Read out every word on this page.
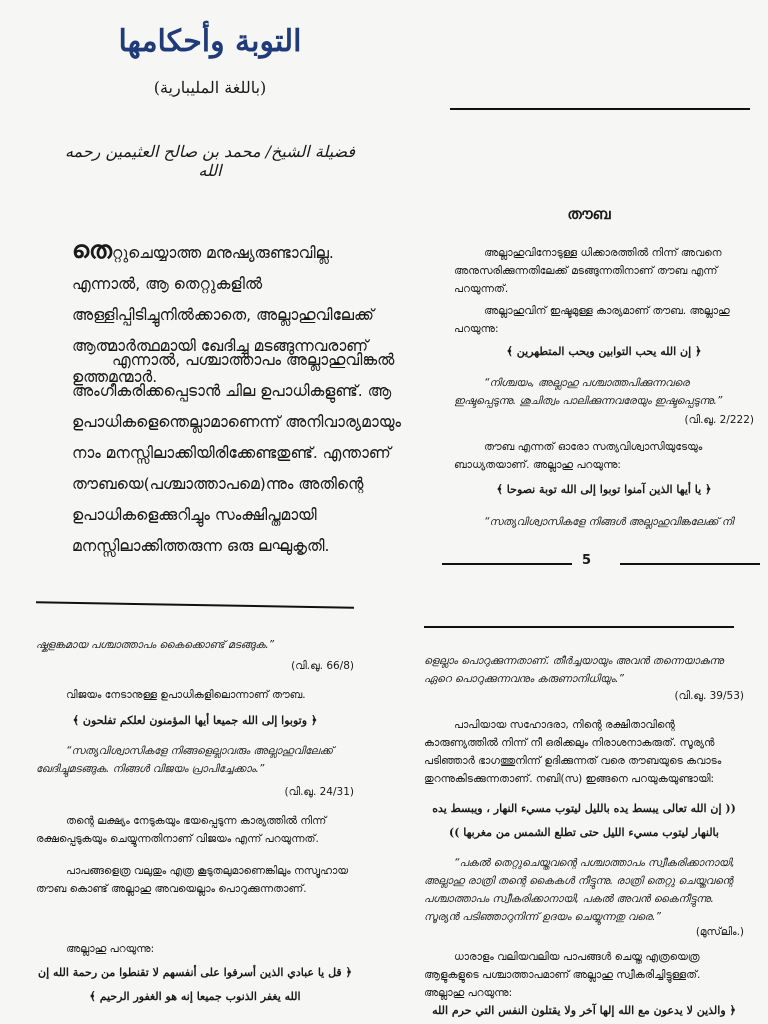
التوبة وأحكامها
(باللغة المليبارية)
فضيلة الشيخ/ محمد بن صالح العثيمين رحمه الله

തെറ്റുചെയ്യാത്ത മനുഷ്യരുണ്ടാവില്ല. എന്നാൽ, ആ തെറ്റുകളിൽ അള്ളിപ്പിടിച്ചുനിൽക്കാതെ, അല്ലാഹുവിലേക്ക് ആത്മാർത്ഥമായി ഖേദിച്ചു മടങ്ങുന്നവരാണ് ഉത്തമന്മാർ.

എന്നാൽ, പശ്ചാത്താപം അല്ലാഹുവിങ്കൽ അംഗീകരിക്കപ്പെടാൻ ചില ഉപാധികളുണ്ട്. ആ ഉപാധികളെന്തെല്ലാമാണെന്ന് അനിവാര്യമായും നാം മനസ്സിലാക്കിയിരിക്കേണ്ടതുണ്ട്. എന്താണ് തൗബയെ(പശ്ചാത്താപമെ)ന്നും അതിന്റെ ഉപാധികളെക്കുറിച്ചും സംക്ഷിപ്തമായി മനസ്സിലാക്കിത്തരുന്ന ഒരു ലഘുകൃതി.

തൗബ
അല്ലാഹുവിനോടുള്ള ധിക്കാരത്തിൽ നിന്ന് അവനെ അനുസരിക്കുന്നതിലേക്ക് മടങ്ങുന്നതിനാണ് തൗബ എന്ന് പറയുന്നത്.
അല്ലാഹുവിന് ഇഷ്ടമുള്ള കാര്യമാണ് തൗബ. അല്ലാഹു പറയുന്നു:
﴿ إن الله يحب التوابين ويحب المتطهرين ﴾
“നിശ്ചയം, അല്ലാഹു പശ്ചാത്തപിക്കുന്നവരെ ഇഷ്ടപ്പെടുന്നു. ശുചിത്വം പാലിക്കുന്നവരേയും ഇഷ്ടപ്പെടുന്നു.”
(വി.ഖു. 2/222)
തൗബ എന്നത് ഓരോ സത്യവിശ്വാസിയുടേയും ബാധ്യതയാണ്. അല്ലാഹു പറയുന്നു:
﴿ يا أيها الذين آمنوا توبوا إلى الله توبة نصوحا ﴾
“സത്യവിശ്വാസികളേ നിങ്ങൾ അല്ലാഹുവിങ്കലേക്ക് നി
5
ഷ്കളങ്കമായ പശ്ചാത്താപം കൈക്കൊണ്ട് മടങ്ങുക.”
(വി.ഖു. 66/8)
വിജയം നേടാനുള്ള ഉപാധികളിലൊന്നാണ് തൗബ.
﴿ وتوبوا إلى الله جميعا أيها المؤمنون لعلكم تفلحون ﴾
“സത്യവിശ്വാസികളേ നിങ്ങളെല്ലാവരും അല്ലാഹുവിലേക്ക് ഖേദിച്ചുമടങ്ങുക. നിങ്ങൾ വിജയം പ്രാപിച്ചേക്കാം.”
(വി.ഖു. 24/31)
തന്റെ ലക്ഷ്യം നേടുകയും ഭയപ്പെടുന്ന കാര്യത്തിൽ നിന്ന് രക്ഷപ്പെടുകയും ചെയ്യുന്നതിനാണ് വിജയം എന്ന് പറയുന്നത്.
പാപങ്ങളെത്ര വലുതും എത്ര കൂടുതലുമാണെങ്കിലും നസ്വൂഹായ തൗബ കൊണ്ട് അല്ലാഹു അവയെല്ലാം പൊറുക്കുന്നതാണ്.
അല്ലാഹു പറയുന്നു:
﴿ قل يا عبادي الذين أسرفوا على أنفسهم لا تقنطوا من رحمة الله إن
الله يغفر الذنوب جميعا إنه هو الغفور الرحيم ﴾
ളെല്ലാം പൊറുക്കുന്നതാണ്. തീർച്ചയായും അവൻ തന്നെയാകുന്നു ഏറെ പൊറുക്കുന്നവനും കരുണാനിധിയും.”
(വി.ഖു. 39/53)
പാപിയായ സഹോദരാ, നിന്റെ രക്ഷിതാവിന്റെ കാരുണ്യത്തിൽ നിന്ന് നീ ഒരിക്കലും നിരാശനാകരുത്. സൂര്യൻ പടിഞ്ഞാർ ഭാഗത്തുനിന്ന് ഉദിക്കുന്നത് വരെ തൗബയുടെ കവാടം തുറന്നുകിടക്കുന്നതാണ്. നബി(സ) ഇങ്ങനെ പറയുകയുണ്ടായി:
(( إن الله تعالى يبسط يده بالليل ليتوب مسيء النهار ، ويبسط يده
بالنهار ليتوب مسيء الليل حتى تطلع الشمس من مغربها ))
“പകൽ തെറ്റുചെയ്തവന്റെ പശ്ചാത്താപം സ്വീകരിക്കാനായി, അല്ലാഹു രാത്രി തന്റെ കൈകൾ നീട്ടുന്നു. രാത്രി തെറ്റു ചെയ്തവന്റെ പശ്ചാത്താപം സ്വീകരിക്കാനായി, പകൽ അവൻ കൈനീട്ടുന്നു. സൂര്യൻ പടിഞ്ഞാറുനിന്ന് ഉദയം ചെയ്യുന്നതു വരെ.”
(മുസ്‌ലിം.)
ധാരാളം വലിയവലിയ പാപങ്ങൾ ചെയ്ത എത്രയെത്ര ആളുകളുടെ പശ്ചാത്താപമാണ് അല്ലാഹു സ്വീകരിച്ചിട്ടുള്ളത്. അല്ലാഹു പറയുന്നു:
﴿ والذين لا يدعون مع الله إلها آخر ولا يقتلون النفس التي حرم الله
